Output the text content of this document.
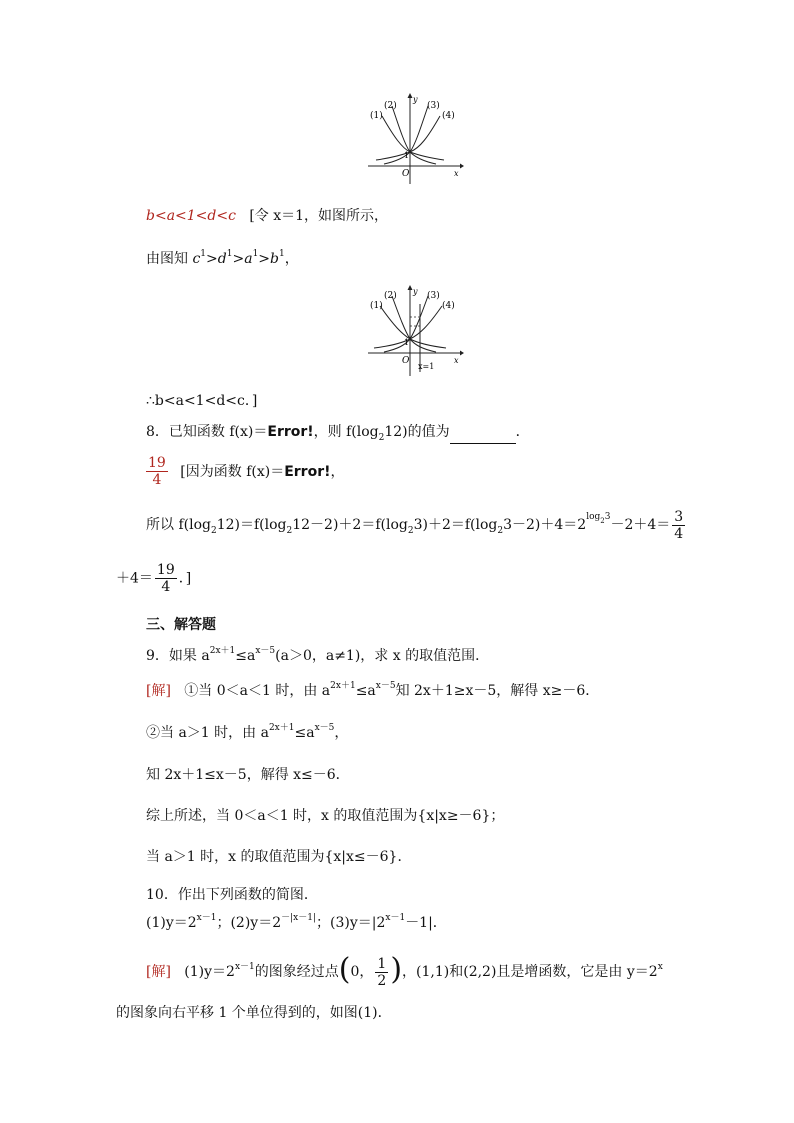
(1)
(2)	(3)
(4)
y
x
O
1
b<a<1<d<c [令 x＝1，如图所示，
由图知 $c^1>d^1>a^1>b^1$，
(1)
(2)	(3)
(4)
y
x
O
1
x=1
∴b<a<1<d<c．]
8．已知函数 f(x)＝Error!，则 $f(\log_212)$的值为	．
$\frac{19}{4}$ [因为函数 f(x)＝Error!，
所以 $f(\log_212)=f(\log_212-2)+2=f(\log_23)+2=f(\log_23-2)+4=2^{log23}-2+4= \frac{3}{4}$
$+4= \frac{19}{4}$ ．]
三、解答题
9．如果 $a^{2x+1}\le a^{x-5}(a>0$，a≠1)，求 x 的取值范围．
[解] ①当 0＜a＜1 时，由 $a^{2x+1}\le a^{x-5}$知 2x＋1≥x－5，解得 x≥－6．
②当 a＞1 时，由 $a^{2x+1}\le a^{x-5}$，
知 2x＋1≤x－5，解得 x≤－6．
综上所述，当 0＜a＜1 时，x 的取值范围为{x|x≥－6}；
当 a＞1 时，x 的取值范围为{x|x≤－6}．
10．作出下列函数的简图．
$(1)y=2^{x-1}$；$(2)y=2^{-|x-1|}$；$(3)y=|2^{x-1}-1|$．
[解] $(1)y=2^{x-1}$的图象经过点(0， $\frac{1}{2}$ )，(1,1)和(2,2)且是增函数，它是由 $y=2^x$
的图象向右平移 1 个单位得到的，如图(1)．
